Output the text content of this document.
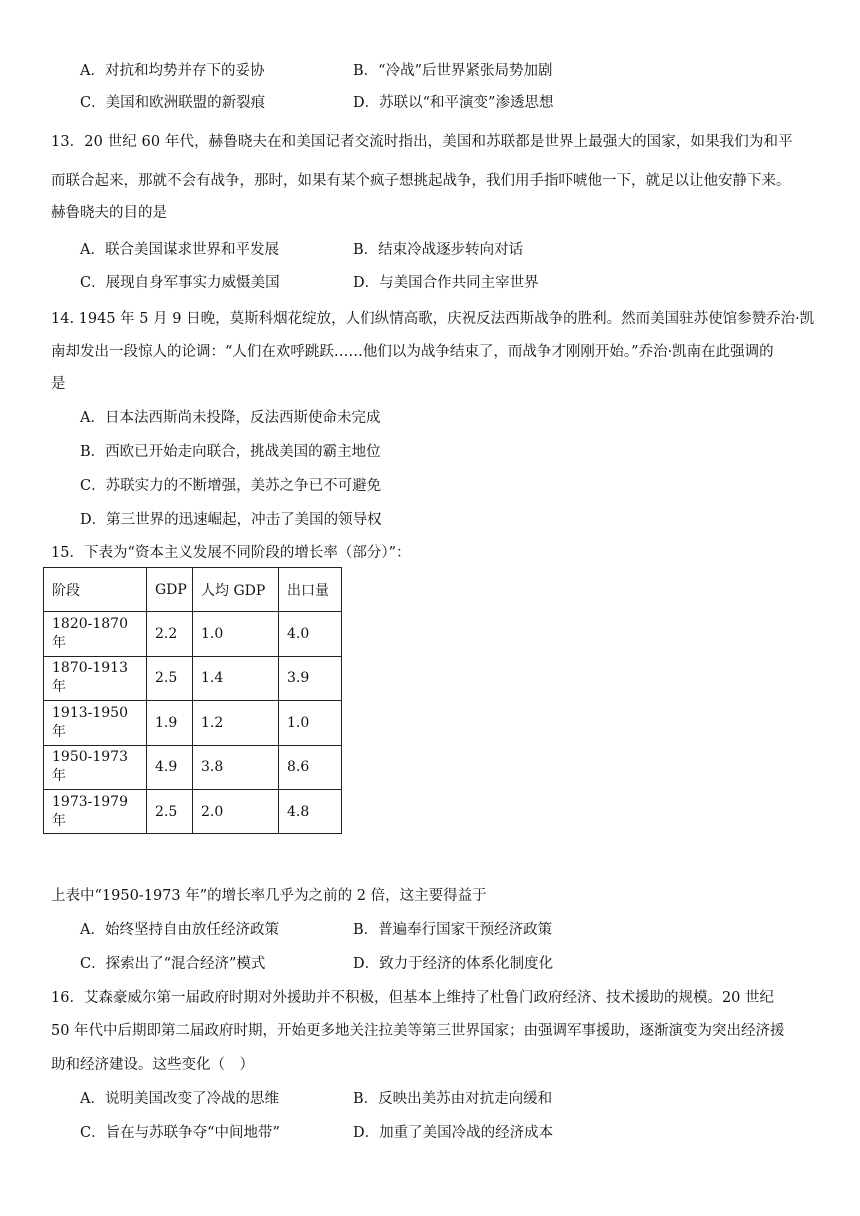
A．对抗和均势并存下的妥协	B．“冷战”后世界紧张局势加剧
C．美国和欧洲联盟的新裂痕	D．苏联以“和平演变”渗透思想
13．20 世纪 60 年代，赫鲁晓夫在和美国记者交流时指出，美国和苏联都是世界上最强大的国家，如果我们为和平
而联合起来，那就不会有战争，那时，如果有某个疯子想挑起战争，我们用手指吓唬他一下，就足以让他安静下来。
赫鲁晓夫的目的是
A．联合美国谋求世界和平发展	B．结束冷战逐步转向对话
C．展现自身军事实力威慑美国	D．与美国合作共同主宰世界
14. 1945 年 5 月 9 日晚，莫斯科烟花绽放，人们纵情高歌，庆祝反法西斯战争的胜利。然而美国驻苏使馆参赞乔治·凯
南却发出一段惊人的论调：“人们在欢呼跳跃……他们以为战争结束了，而战争才刚刚开始。”乔治·凯南在此强调的
是
A．日本法西斯尚未投降，反法西斯使命未完成
B．西欧已开始走向联合，挑战美国的霸主地位
C．苏联实力的不断增强，美苏之争已不可避免
D．第三世界的迅速崛起，冲击了美国的领导权
15．下表为“资本主义发展不同阶段的增长率（部分）”：
阶段	GDP	人均 GDP	出口量
1820-1870 年	2.2	1.0	4.0
1870-1913 年	2.5	1.4	3.9
1913-1950 年	1.9	1.2	1.0
1950-1973 年	4.9	3.8	8.6
1973-1979 年	2.5	2.0	4.8
上表中“1950-1973 年”的增长率几乎为之前的 2 倍，这主要得益于
A．始终坚持自由放任经济政策	B．普遍奉行国家干预经济政策
C．探索出了“混合经济”模式	D．致力于经济的体系化制度化
16．艾森豪威尔第一届政府时期对外援助并不积极，但基本上维持了杜鲁门政府经济、技术援助的规模。20 世纪
50 年代中后期即第二届政府时期，开始更多地关注拉美等第三世界国家；由强调军事援助，逐渐演变为突出经济援
助和经济建设。这些变化（　）
A．说明美国改变了冷战的思维	B．反映出美苏由对抗走向缓和
C．旨在与苏联争夺“中间地带”	D．加重了美国冷战的经济成本
